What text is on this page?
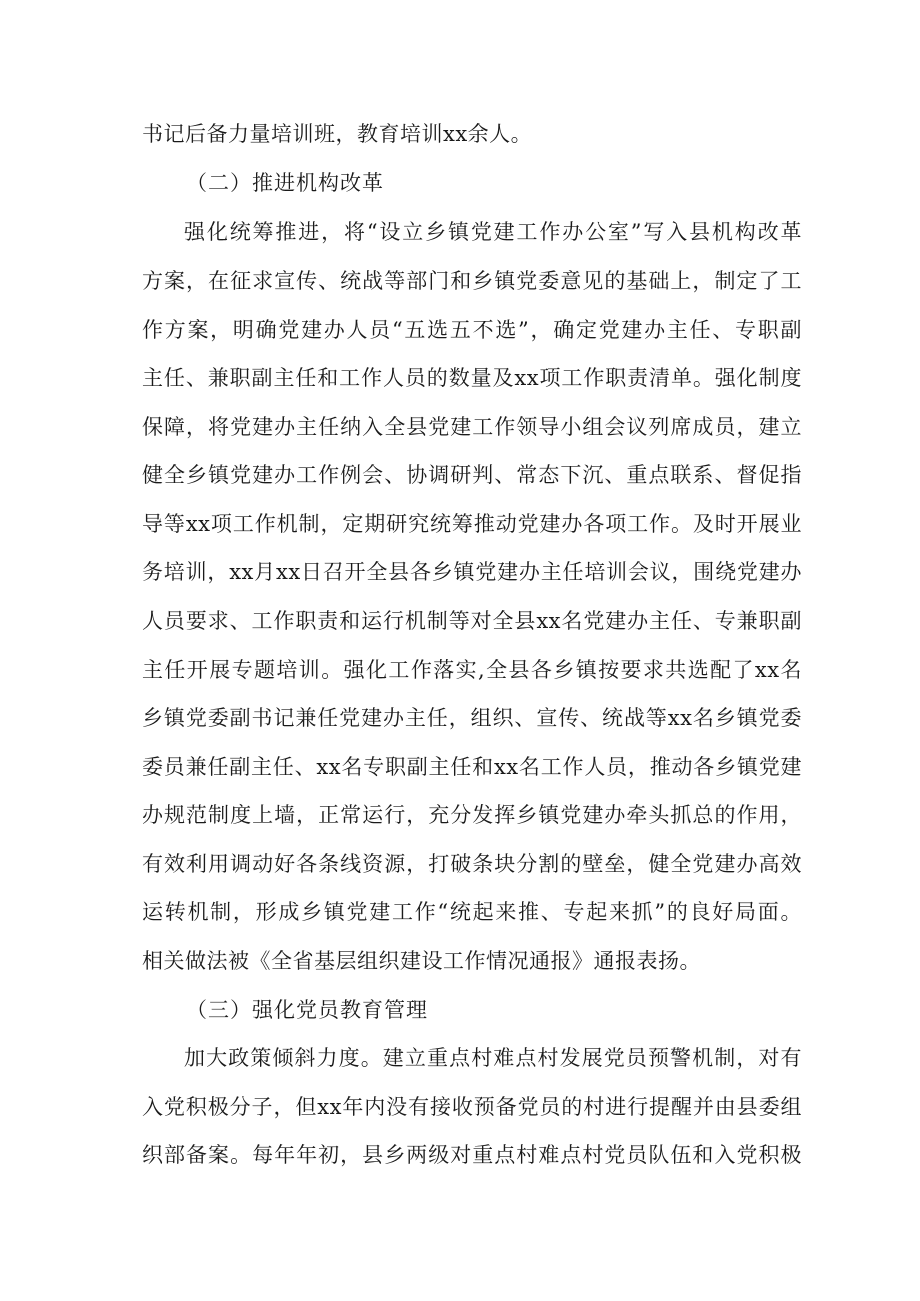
书记后备力量培训班，教育培训xx余人。
（二）推进机构改革
强化统筹推进，将“设立乡镇党建工作办公室”写入县机构改革
方案，在征求宣传、统战等部门和乡镇党委意见的基础上，制定了工
作方案，明确党建办人员“五选五不选”，确定党建办主任、专职副
主任、兼职副主任和工作人员的数量及xx项工作职责清单。强化制度
保障，将党建办主任纳入全县党建工作领导小组会议列席成员，建立
健全乡镇党建办工作例会、协调研判、常态下沉、重点联系、督促指
导等xx项工作机制，定期研究统筹推动党建办各项工作。及时开展业
务培训，xx月xx日召开全县各乡镇党建办主任培训会议，围绕党建办
人员要求、工作职责和运行机制等对全县xx名党建办主任、专兼职副
主任开展专题培训。强化工作落实,全县各乡镇按要求共选配了xx名
乡镇党委副书记兼任党建办主任，组织、宣传、统战等xx名乡镇党委
委员兼任副主任、xx名专职副主任和xx名工作人员，推动各乡镇党建
办规范制度上墙，正常运行，充分发挥乡镇党建办牵头抓总的作用，
有效利用调动好各条线资源，打破条块分割的壁垒，健全党建办高效
运转机制，形成乡镇党建工作“统起来推、专起来抓”的良好局面。
相关做法被《全省基层组织建设工作情况通报》通报表扬。
（三）强化党员教育管理
加大政策倾斜力度。建立重点村难点村发展党员预警机制，对有
入党积极分子，但xx年内没有接收预备党员的村进行提醒并由县委组
织部备案。每年年初，县乡两级对重点村难点村党员队伍和入党积极
